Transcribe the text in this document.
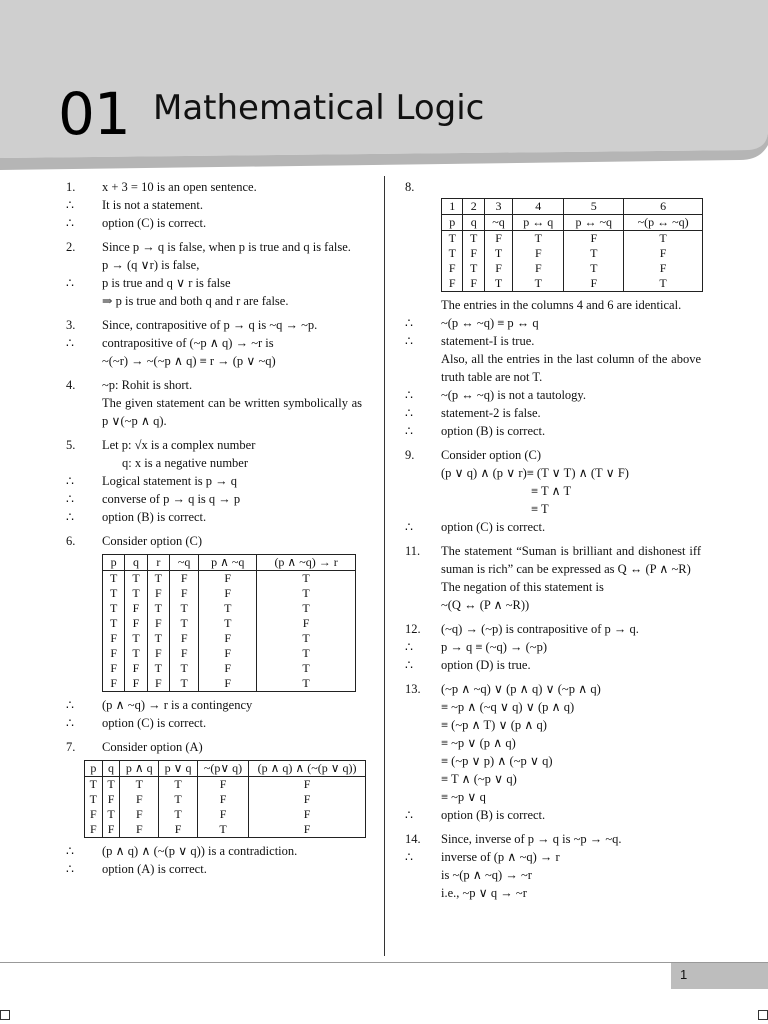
01 Mathematical Logic
1.	x + 3 = 10 is an open sentence.
∴	It is not a statement.
∴	option (C) is correct.
2.	Since p → q is false, when p is true and q is false.
p → (q ∨r) is false,
∴	p is true and q ∨ r is false
⇒ p is true and both q and r are false.
3.	Since, contrapositive of p → q is ~q → ~p.
∴	contrapositive of (~p ∧ q) → ~r is
~(~r) → ~(~p ∧ q) ≡ r → (p ∨ ~q)
4.	~p: Rohit is short.
The given statement can be written symbolically as p ∨(~p ∧ q).
5.	Let p: √x is a complex number
q: x is a negative number
∴	Logical statement is p → q
∴	converse of p → q is q → p
∴	option (B) is correct.
6.	Consider option (C)
p	q	r	~q	p ∧ ~q	(p ∧ ~q) → r
T	T	T	F	F	T
T	T	F	F	F	T
T	F	T	T	T	T
T	F	F	T	T	F
F	T	T	F	F	T
F	T	F	F	F	T
F	F	T	T	F	T
F	F	F	T	F	T
∴	(p ∧ ~q) → r is a contingency
∴	option (C) is correct.
7.	Consider option (A)
p	q	p ∧ q	p ∨ q	~(p∨ q)	(p ∧ q) ∧ (~(p ∨ q))
T	T	T	T	F	F
T	F	F	T	F	F
F	T	F	T	F	F
F	F	F	F	T	F
∴	(p ∧ q) ∧ (~(p ∨ q)) is a contradiction.
∴	option (A) is correct.
8.
1	2	3	4	5	6
p	q	~q	p ↔ q	p ↔ ~q	~(p ↔ ~q)
T	T	F	T	F	T
T	F	T	F	T	F
F	T	F	F	T	F
F	F	T	T	F	T
The entries in the columns 4 and 6 are identical.
∴	~(p ↔ ~q) ≡ p ↔ q
∴	statement-I is true.
Also, all the entries in the last column of the above truth table are not T.
∴	~(p ↔ ~q) is not a tautology.
∴	statement-2 is false.
∴	option (B) is correct.
9.	Consider option (C)
(p ∨ q) ∧ (p ∨ r)≡ (T ∨ T) ∧ (T ∨ F)
≡ T ∧ T
≡ T
∴	option (C) is correct.
11.	The statement “Suman is brilliant and dishonest iff suman is rich” can be expressed as Q ↔ (P ∧ ~R)
The negation of this statement is
~(Q ↔ (P ∧ ~R))
12.	(~q) → (~p) is contrapositive of p → q.
∴	p → q ≡ (~q) → (~p)
∴	option (D) is true.
13.	(~p ∧ ~q) ∨ (p ∧ q) ∨ (~p ∧ q)
≡ ~p ∧ (~q ∨ q) ∨ (p ∧ q)
≡ (~p ∧ T) ∨ (p ∧ q)
≡ ~p ∨ (p ∧ q)
≡ (~p ∨ p) ∧ (~p ∨ q)
≡ T ∧ (~p ∨ q)
≡ ~p ∨ q
∴	option (B) is correct.
14.	Since, inverse of p → q is ~p → ~q.
∴	inverse of (p ∧ ~q) → r
is ~(p ∧ ~q) → ~r
i.e., ~p ∨ q → ~r
1
